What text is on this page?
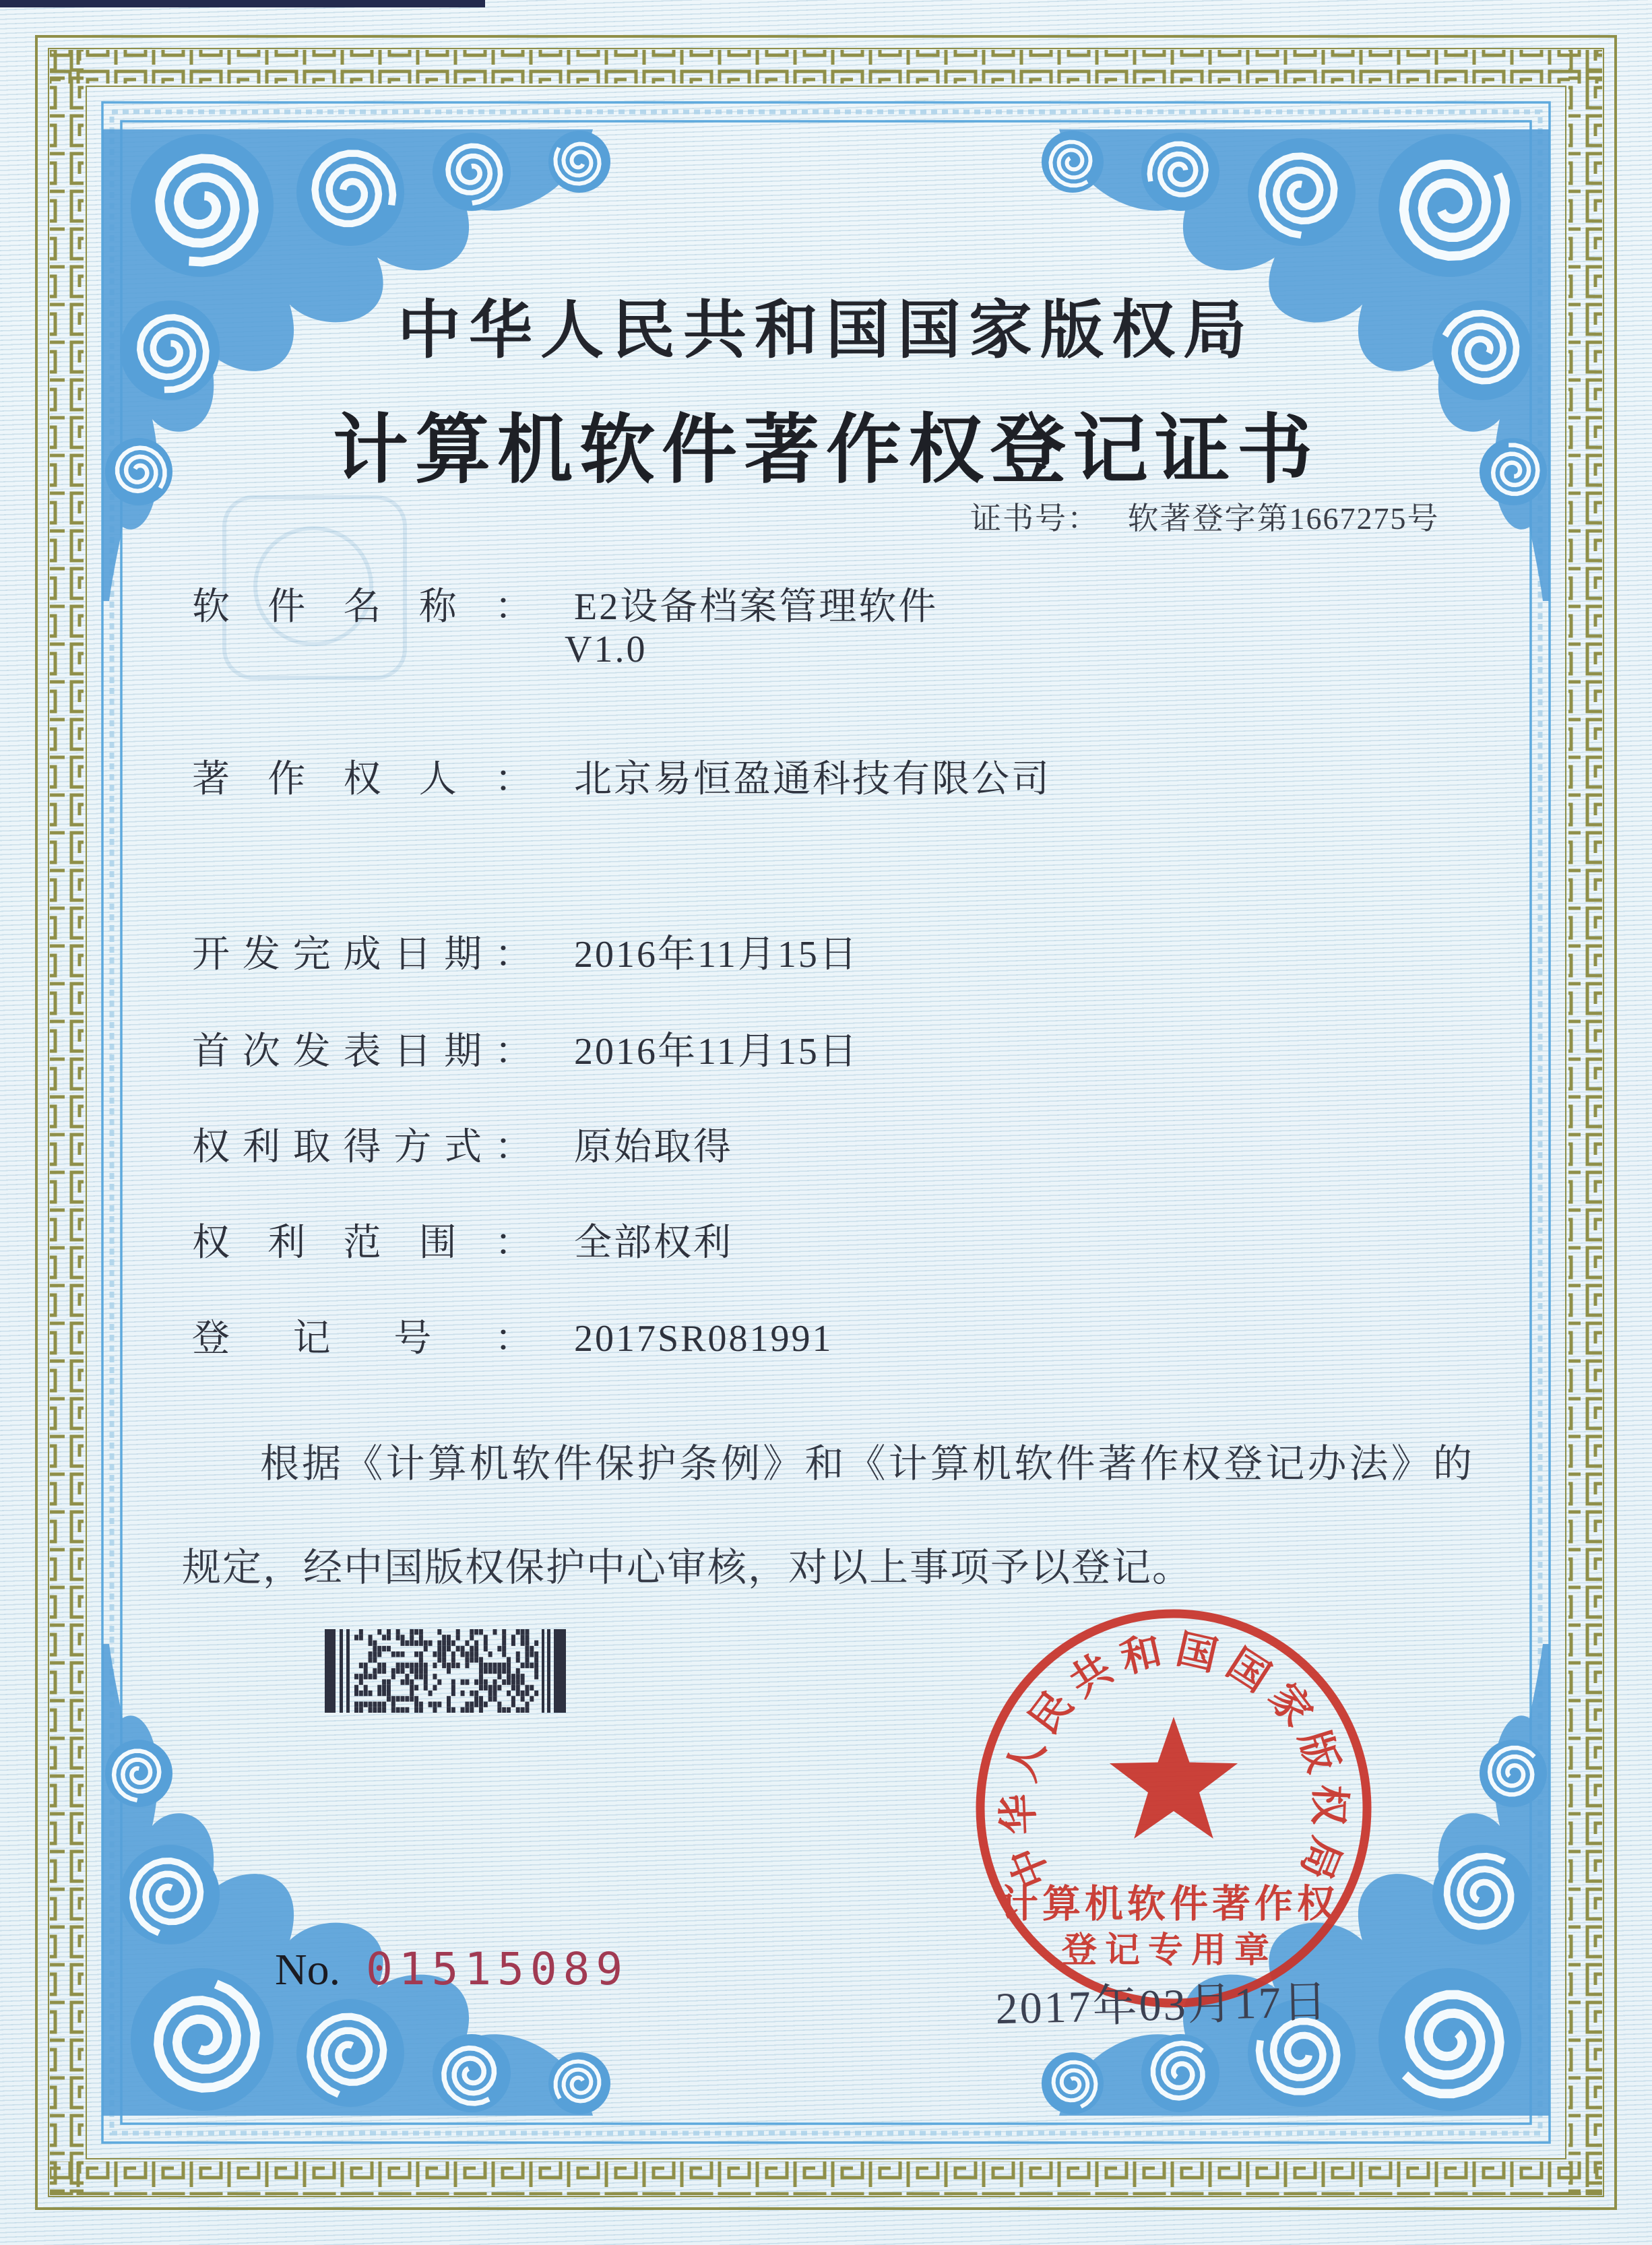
中华人民共和国国家版权局
计算机软件著作权登记证书
证书号： 软著登字第1667275号
软件名称： E2设备档案管理软件
V1.0
著作权人： 北京易恒盈通科技有限公司
开发完成日期： 2016年11月15日
首次发表日期： 2016年11月15日
权利取得方式： 原始取得
权利范围： 全部权利
登记号： 2017SR081991
根据《计算机软件保护条例》和《计算机软件著作权登记办法》的
规定，经中国版权保护中心审核，对以上事项予以登记。
中华人民共和国国家版权局
计算机软件著作权
登记专用章
2017年03月17日
No. 01515089
